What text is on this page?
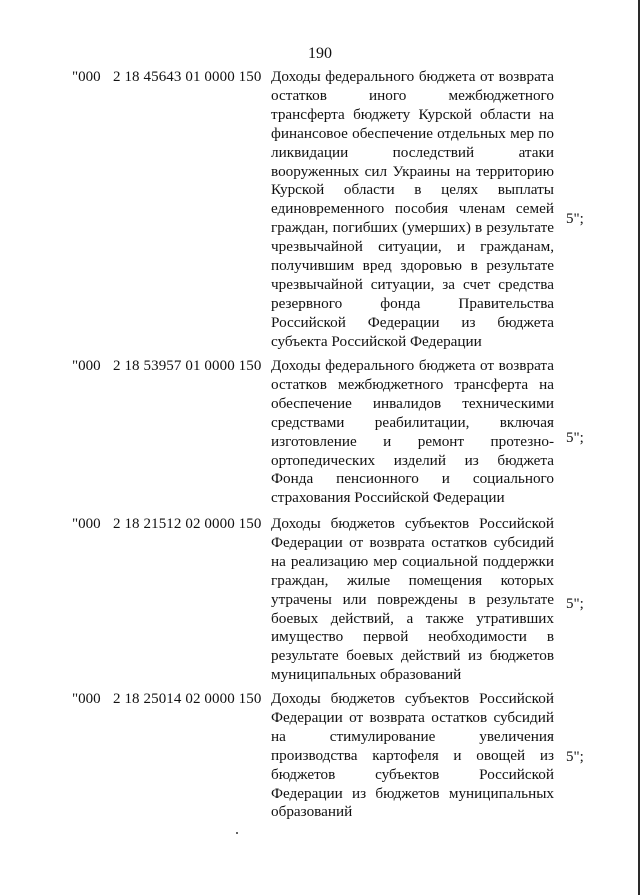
190
"000 2 18 45643 01 0000 150 Доходы федерального бюджета от возврата остатков иного межбюджетного трансферта бюджету Курской области на финансовое обеспечение отдельных мер по ликвидации последствий атаки вооруженных сил Украины на территорию Курской области в целях выплаты единовременного пособия членам семей граждан, погибших (умерших) в результате чрезвычайной ситуации, и гражданам, получившим вред здоровью в результате чрезвычайной ситуации, за счет средства резервного фонда Правительства Российской Федерации из бюджета субъекта Российской Федерации
5";
"000 2 18 53957 01 0000 150 Доходы федерального бюджета от возврата остатков межбюджетного трансферта на обеспечение инвалидов техническими средствами реабилитации, включая изготовление и ремонт протезно-ортопедических изделий из бюджета Фонда пенсионного и социального страхования Российской Федерации
5";
"000 2 18 21512 02 0000 150 Доходы бюджетов субъектов Российской Федерации от возврата остатков субсидий на реализацию мер социальной поддержки граждан, жилые помещения которых утрачены или повреждены в результате боевых действий, а также утративших имущество первой необходимости в результате боевых действий из бюджетов муниципальных образований
5";
"000 2 18 25014 02 0000 150 Доходы бюджетов субъектов Российской Федерации от возврата остатков субсидий на стимулирование увеличения производства картофеля и овощей из бюджетов субъектов Российской Федерации из бюджетов муниципальных образований
5";
